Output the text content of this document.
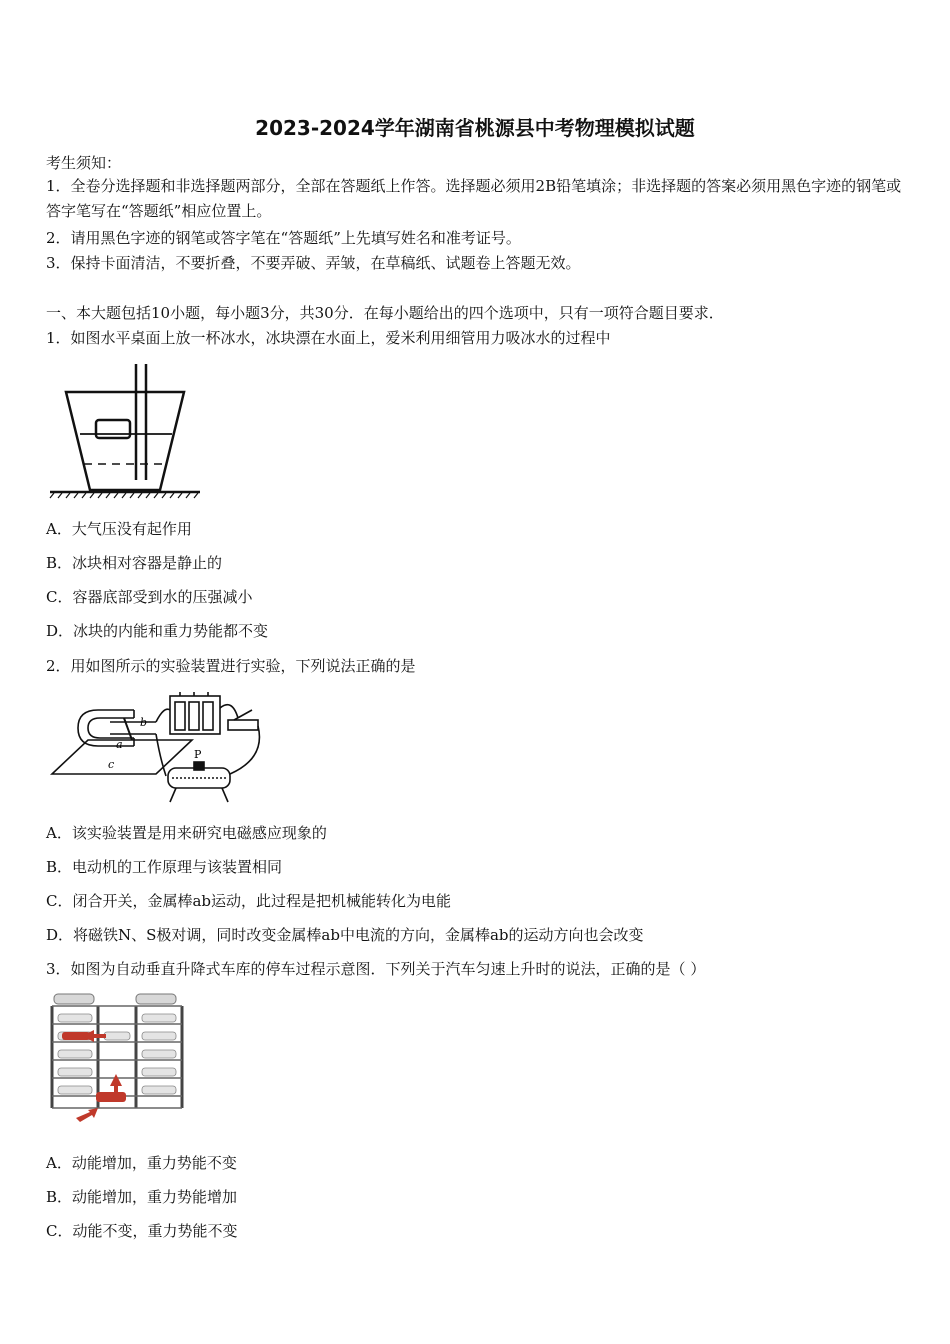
2023-2024学年湖南省桃源县中考物理模拟试题
考生须知：
1．全卷分选择题和非选择题两部分，全部在答题纸上作答。选择题必须用2B铅笔填涂；非选择题的答案必须用黑色字迹的钢笔或答字笔写在“答题纸”相应位置上。
2．请用黑色字迹的钢笔或答字笔在“答题纸”上先填写姓名和准考证号。
3．保持卡面清洁，不要折叠，不要弄破、弄皱，在草稿纸、试题卷上答题无效。
一、本大题包括10小题，每小题3分，共30分．在每小题给出的四个选项中，只有一项符合题目要求．
1．如图水平桌面上放一杯冰水，冰块漂在水面上，爱米利用细管用力吸冰水的过程中
A．大气压没有起作用
B．冰块相对容器是静止的
C．容器底部受到水的压强减小
D．冰块的内能和重力势能都不变
2．用如图所示的实验装置进行实验，下列说法正确的是
b
a
c
P
A．该实验装置是用来研究电磁感应现象的
B．电动机的工作原理与该装置相同
C．闭合开关，金属棒ab运动，此过程是把机械能转化为电能
D．将磁铁N、S极对调，同时改变金属棒ab中电流的方向，金属棒ab的运动方向也会改变
3．如图为自动垂直升降式车库的停车过程示意图．下列关于汽车匀速上升时的说法，正确的是（ ）
A．动能增加，重力势能不变
B．动能增加，重力势能增加
C．动能不变，重力势能不变
